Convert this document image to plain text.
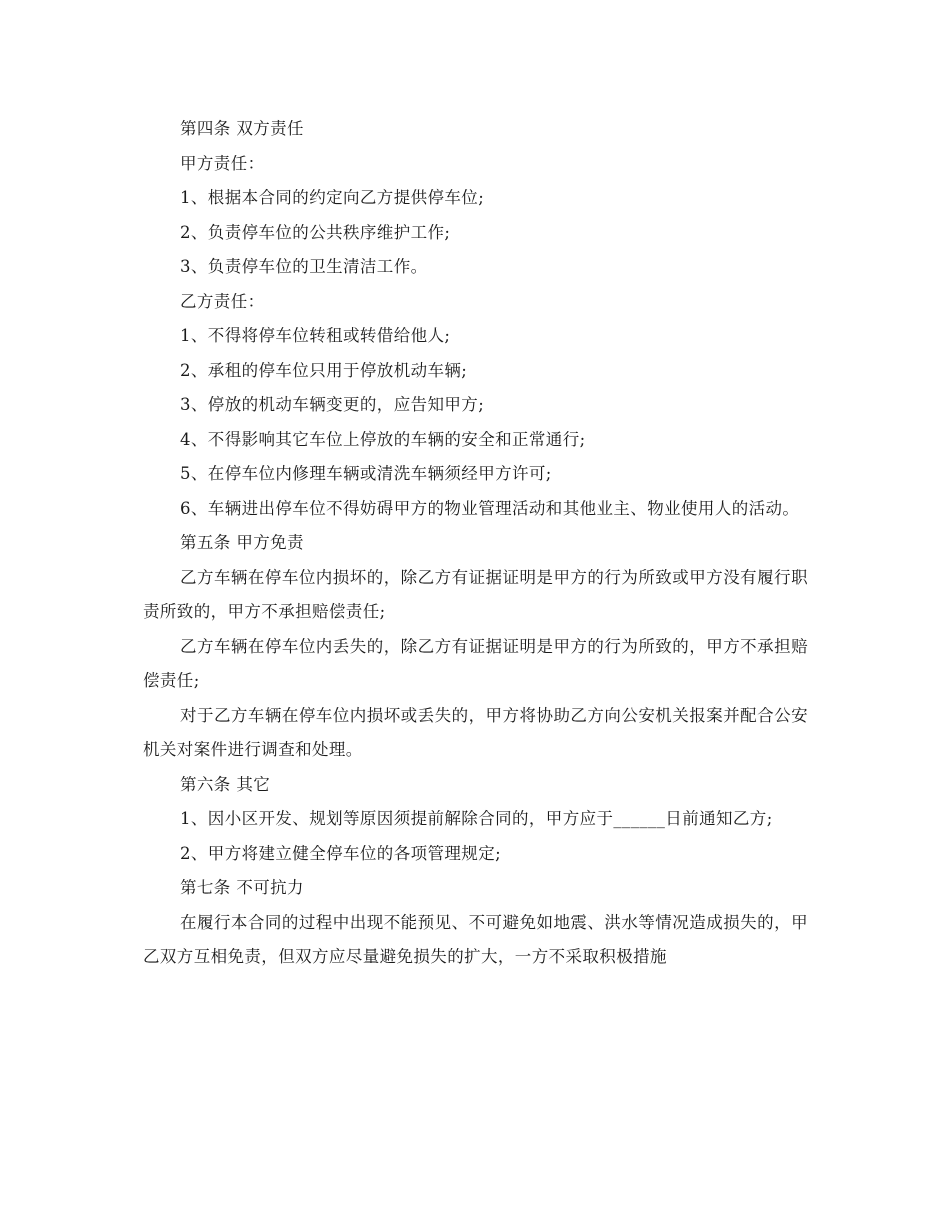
第四条 双方责任

甲方责任：

1、根据本合同的约定向乙方提供停车位;

2、负责停车位的公共秩序维护工作;

3、负责停车位的卫生清洁工作。

乙方责任：

1、不得将停车位转租或转借给他人;

2、承租的停车位只用于停放机动车辆;

3、停放的机动车辆变更的，应告知甲方;

4、不得影响其它车位上停放的车辆的安全和正常通行;

5、在停车位内修理车辆或清洗车辆须经甲方许可;

6、车辆进出停车位不得妨碍甲方的物业管理活动和其他业主、物业使用人的活动。

第五条 甲方免责

乙方车辆在停车位内损坏的，除乙方有证据证明是甲方的行为所致或甲方没有履行职责所致的，甲方不承担赔偿责任;

乙方车辆在停车位内丢失的，除乙方有证据证明是甲方的行为所致的，甲方不承担赔偿责任;

对于乙方车辆在停车位内损坏或丢失的，甲方将协助乙方向公安机关报案并配合公安机关对案件进行调查和处理。

第六条 其它

1、因小区开发、规划等原因须提前解除合同的，甲方应于______日前通知乙方;

2、甲方将建立健全停车位的各项管理规定;

第七条 不可抗力

在履行本合同的过程中出现不能预见、不可避免如地震、洪水等情况造成损失的，甲乙双方互相免责，但双方应尽量避免损失的扩大，一方不采取积极措施
